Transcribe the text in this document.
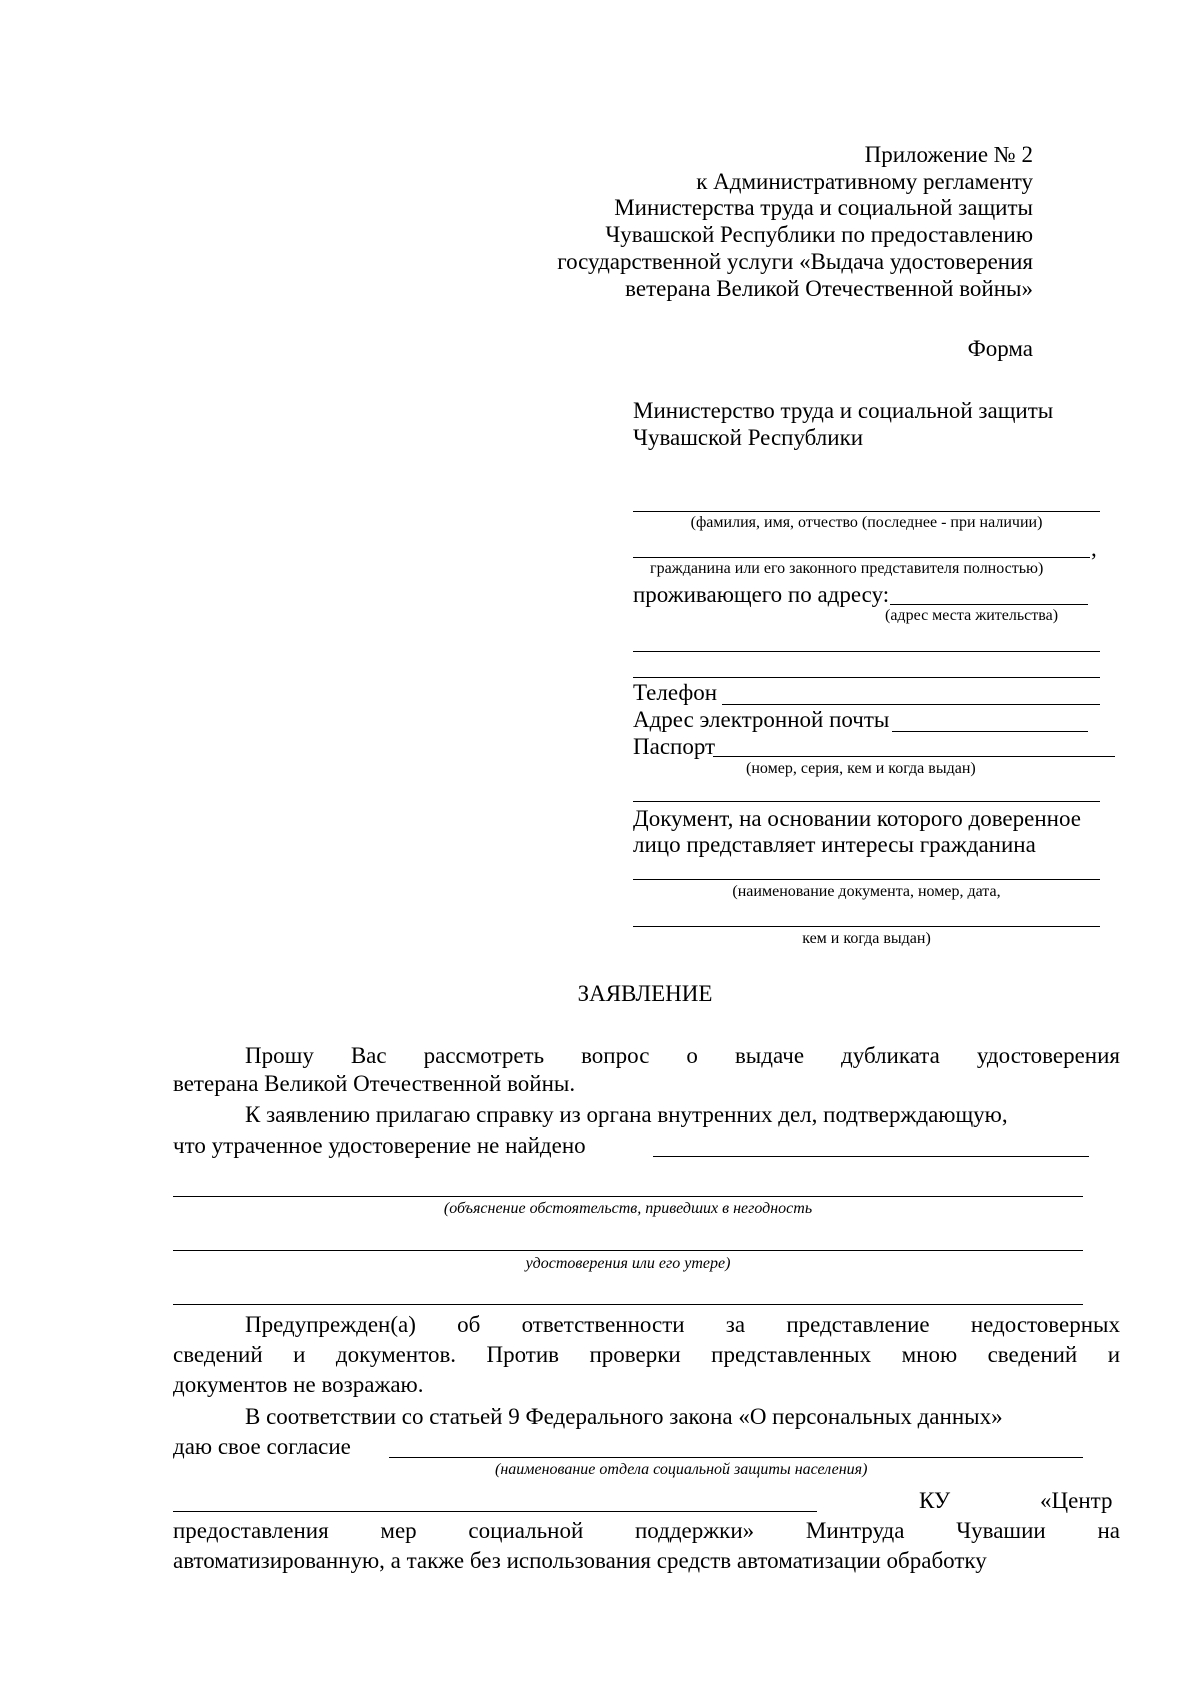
Приложение № 2
к Административному регламенту
Министерства труда и социальной защиты
Чувашской Республики по предоставлению
государственной услуги «Выдача удостоверения
ветерана Великой Отечественной войны»
Форма
Министерство труда и социальной защиты
Чувашской Республики
(фамилия, имя, отчество (последнее - при наличии)
,
гражданина или его законного представителя полностью)
проживающего по адресу:
(адрес места жительства)
Телефон
Адрес электронной почты
Паспорт
(номер, серия, кем и когда выдан)
Документ, на основании которого доверенное
лицо представляет интересы гражданина
(наименование документа, номер, дата,
кем и когда выдан)
ЗАЯВЛЕНИЕ
Прошу Вас рассмотреть вопрос о выдаче дубликата удостоверения
ветерана Великой Отечественной войны.
К заявлению прилагаю справку из органа внутренних дел, подтверждающую,
что утраченное удостоверение не найдено
(объяснение обстоятельств, приведших в негодность
удостоверения или его утере)
Предупрежден(а) об ответственности за представление недостоверных
сведений и документов. Против проверки представленных мною сведений и
документов не возражаю.
В соответствии со статьей 9 Федерального закона «О персональных данных»
даю свое согласие
(наименование отдела социальной защиты населения)
КУ	«Центр
предоставления мер социальной поддержки» Минтруда Чувашии на
автоматизированную, а также без использования средств автоматизации обработку
